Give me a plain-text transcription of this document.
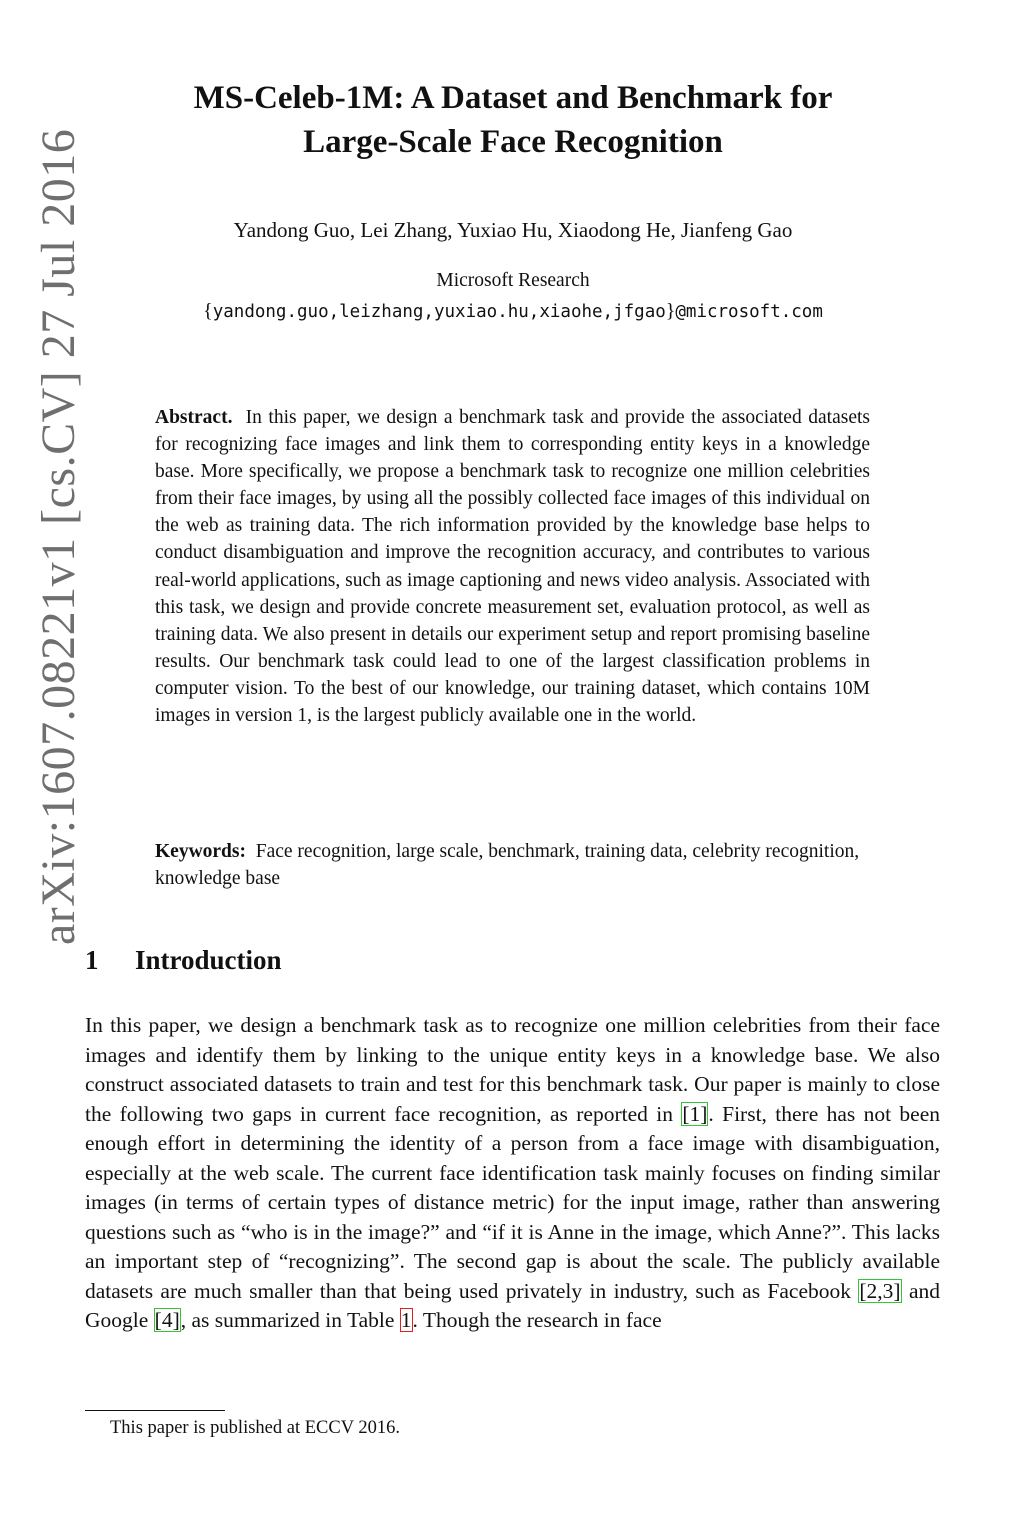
arXiv:1607.08221v1 [cs.CV] 27 Jul 2016
MS-Celeb-1M: A Dataset and Benchmark for
Large-Scale Face Recognition
Yandong Guo, Lei Zhang, Yuxiao Hu, Xiaodong He, Jianfeng Gao
Microsoft Research
{yandong.guo,leizhang,yuxiao.hu,xiaohe,jfgao}@microsoft.com
Abstract. In this paper, we design a benchmark task and provide the associated datasets for recognizing face images and link them to corresponding entity keys in a knowledge base. More specifically, we propose a benchmark task to recognize one million celebrities from their face images, by using all the possibly collected face images of this individual on the web as training data. The rich information provided by the knowledge base helps to conduct disambiguation and improve the recognition accuracy, and contributes to various real-world applications, such as image captioning and news video analysis. Associated with this task, we design and provide concrete measurement set, evaluation protocol, as well as training data. We also present in details our experiment setup and report promising baseline results. Our benchmark task could lead to one of the largest classification problems in computer vision. To the best of our knowledge, our training dataset, which contains 10M images in version 1, is the largest publicly available one in the world.
Keywords: Face recognition, large scale, benchmark, training data, celebrity recognition, knowledge base
1 Introduction
In this paper, we design a benchmark task as to recognize one million celebrities from their face images and identify them by linking to the unique entity keys in a knowledge base. We also construct associated datasets to train and test for this benchmark task. Our paper is mainly to close the following two gaps in current face recognition, as reported in [1]. First, there has not been enough effort in determining the identity of a person from a face image with disambiguation, especially at the web scale. The current face identification task mainly focuses on finding similar images (in terms of certain types of distance metric) for the input image, rather than answering questions such as “who is in the image?” and “if it is Anne in the image, which Anne?”. This lacks an important step of “recognizing”. The second gap is about the scale. The publicly available datasets are much smaller than that being used privately in industry, such as Facebook [2,3] and Google [4], as summarized in Table 1. Though the research in face
This paper is published at ECCV 2016.
